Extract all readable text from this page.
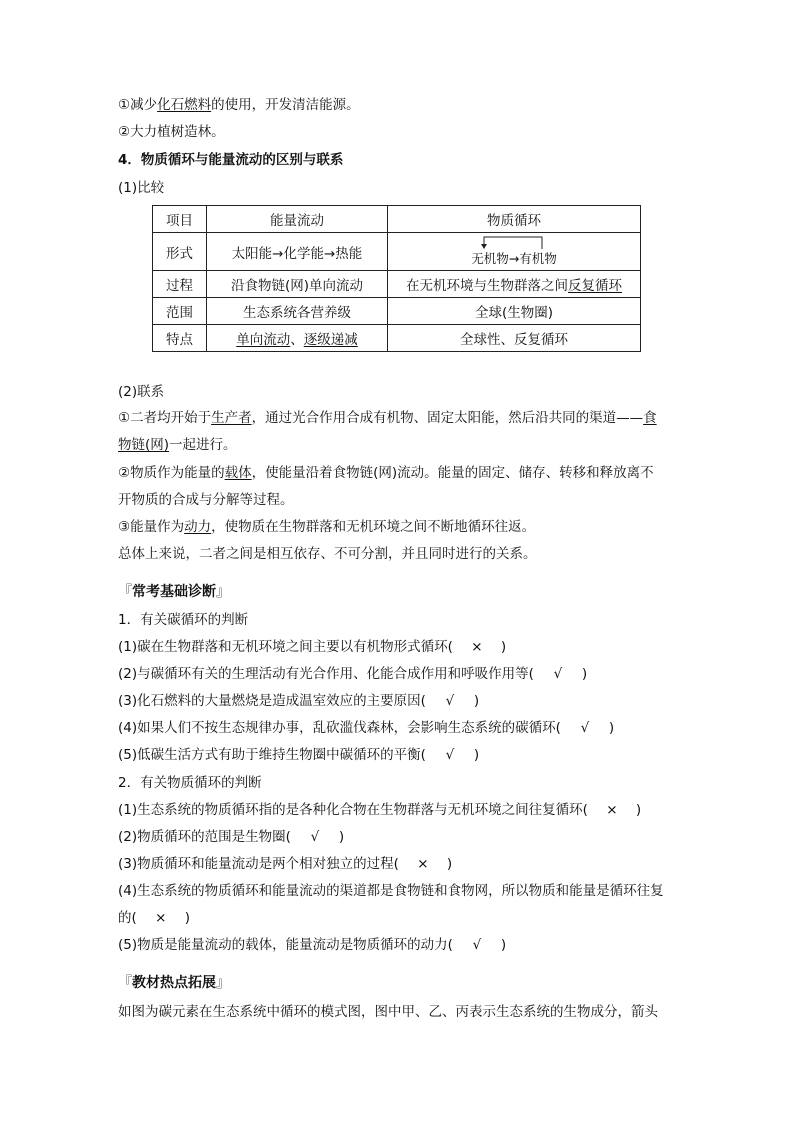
①减少化石燃料的使用，开发清洁能源。
②大力植树造林。
4．物质循环与能量流动的区别与联系
(1)比较
项目	能量流动	物质循环
形式	太阳能→化学能→热能	无机物→有机物

过程	沿食物链(网)单向流动	在无机环境与生物群落之间反复循环
范围	生态系统各营养级	全球(生物圈)
特点	单向流动、逐级递减	全球性、反复循环
(2)联系
①二者均开始于生产者，通过光合作用合成有机物、固定太阳能，然后沿共同的渠道——食
物链(网)一起进行。
②物质作为能量的载体，使能量沿着食物链(网)流动。能量的固定、储存、转移和释放离不
开物质的合成与分解等过程。
③能量作为动力，使物质在生物群落和无机环境之间不断地循环往返。
总体上来说，二者之间是相互依存、不可分割，并且同时进行的关系。
『常考基础诊断』
1．有关碳循环的判断
(1)碳在生物群落和无机环境之间主要以有机物形式循环( × )
(2)与碳循环有关的生理活动有光合作用、化能合成作用和呼吸作用等( √ )
(3)化石燃料的大量燃烧是造成温室效应的主要原因( √ )
(4)如果人们不按生态规律办事，乱砍滥伐森林，会影响生态系统的碳循环( √ )
(5)低碳生活方式有助于维持生物圈中碳循环的平衡( √ )
2．有关物质循环的判断
(1)生态系统的物质循环指的是各种化合物在生物群落与无机环境之间往复循环( × )
(2)物质循环的范围是生物圈( √ )
(3)物质循环和能量流动是两个相对独立的过程( × )
(4)生态系统的物质循环和能量流动的渠道都是食物链和食物网，所以物质和能量是循环往复
的( × )
(5)物质是能量流动的载体，能量流动是物质循环的动力( √ )
『教材热点拓展』
如图为碳元素在生态系统中循环的模式图，图中甲、乙、丙表示生态系统的生物成分，箭头
